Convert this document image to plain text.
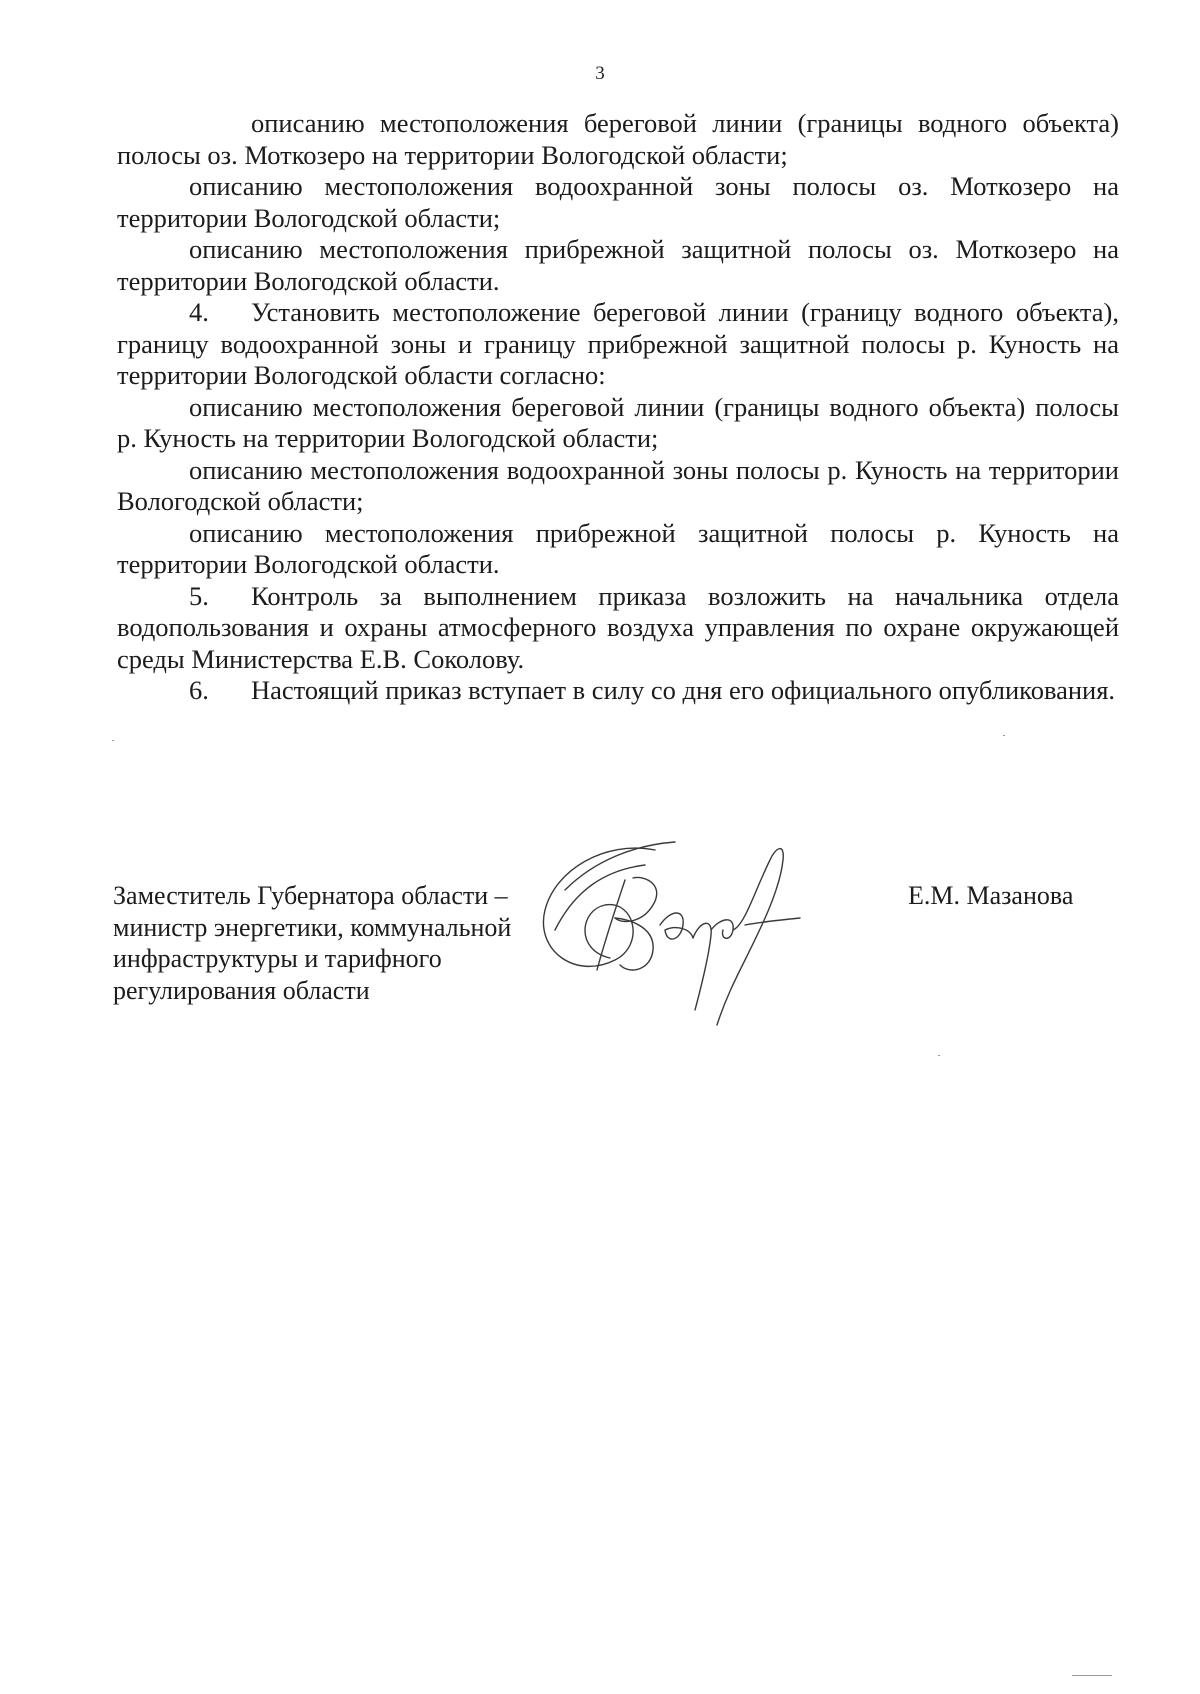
3

описанию местоположения береговой линии (границы водного объекта) полосы оз. Моткозеро на территории Вологодской области;

описанию местоположения водоохранной зоны полосы оз. Моткозеро на территории Вологодской области;

описанию местоположения прибрежной защитной полосы оз. Моткозеро на территории Вологодской области.

4. Установить местоположение береговой линии (границу водного объекта), границу водоохранной зоны и границу прибрежной защитной полосы р. Куность на территории Вологодской области согласно:

описанию местоположения береговой линии (границы водного объекта) полосы р. Куность на территории Вологодской области;

описанию местоположения водоохранной зоны полосы р. Куность на территории Вологодской области;

описанию местоположения прибрежной защитной полосы р. Куность на территории Вологодской области.

5. Контроль за выполнением приказа возложить на начальника отдела водопользования и охраны атмосферного воздуха управления по охране окружающей среды Министерства Е.В. Соколову.

6. Настоящий приказ вступает в силу со дня его официального опубликования.

Заместитель Губернатора области –
министр энергетики, коммунальной
инфраструктуры и тарифного
регулирования области
Е.М. Мазанова
